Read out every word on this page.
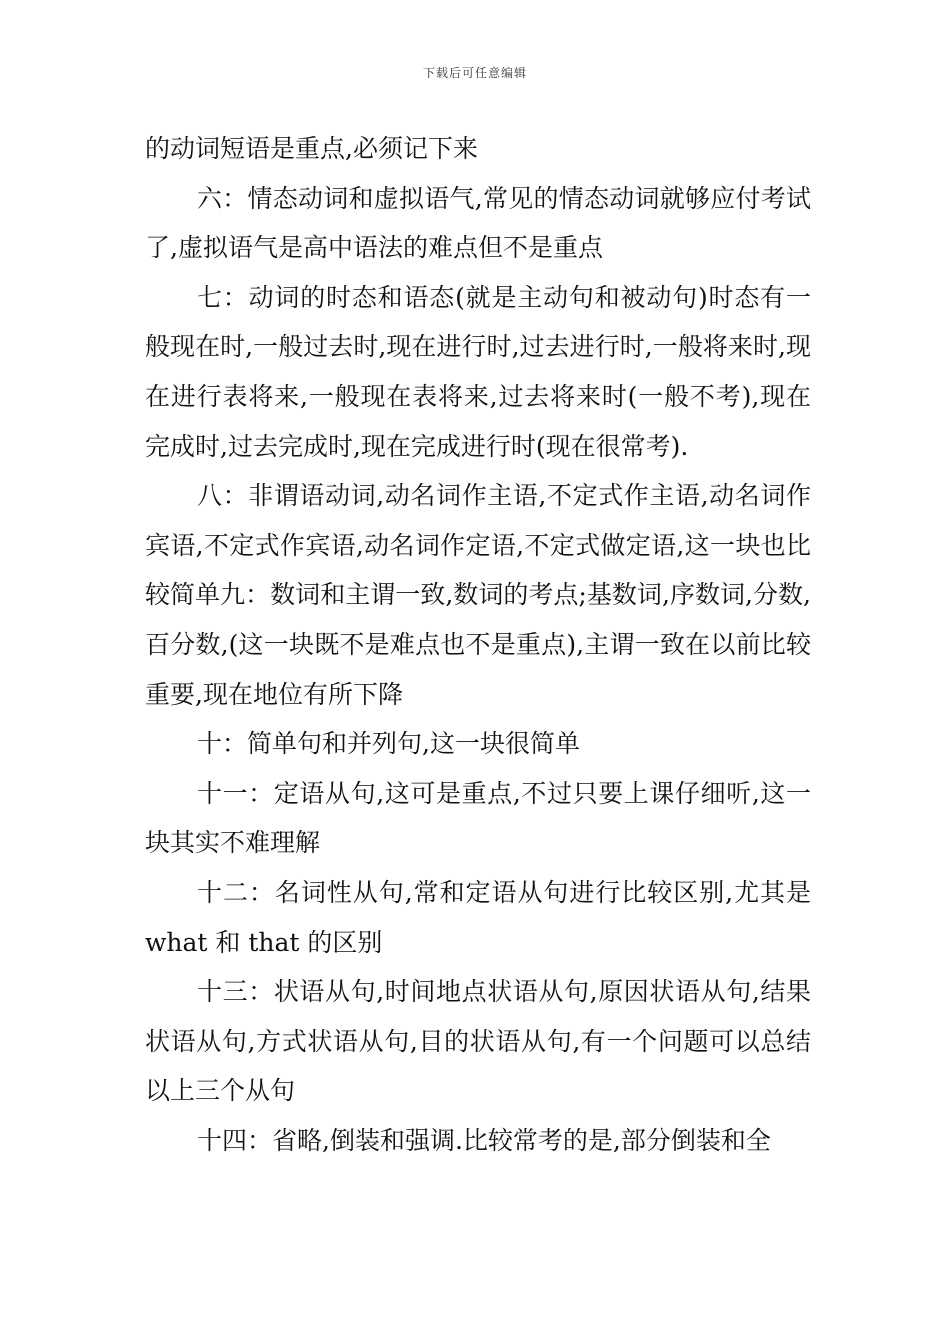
下载后可任意编辑

的动词短语是重点,必须记下来

六：情态动词和虚拟语气,常见的情态动词就够应付考试了,虚拟语气是高中语法的难点但不是重点

七：动词的时态和语态(就是主动句和被动句)时态有一般现在时,一般过去时,现在进行时,过去进行时,一般将来时,现在进行表将来,一般现在表将来,过去将来时(一般不考),现在完成时,过去完成时,现在完成进行时(现在很常考).

八：非谓语动词,动名词作主语,不定式作主语,动名词作宾语,不定式作宾语,动名词作定语,不定式做定语,这一块也比较简单九：数词和主谓一致,数词的考点;基数词,序数词,分数,百分数,(这一块既不是难点也不是重点),主谓一致在以前比较重要,现在地位有所下降

十：简单句和并列句,这一块很简单

十一：定语从句,这可是重点,不过只要上课仔细听,这一块其实不难理解

十二：名词性从句,常和定语从句进行比较区别,尤其是 what 和 that 的区别

十三：状语从句,时间地点状语从句,原因状语从句,结果状语从句,方式状语从句,目的状语从句,有一个问题可以总结以上三个从句

十四：省略,倒装和强调.比较常考的是,部分倒装和全
